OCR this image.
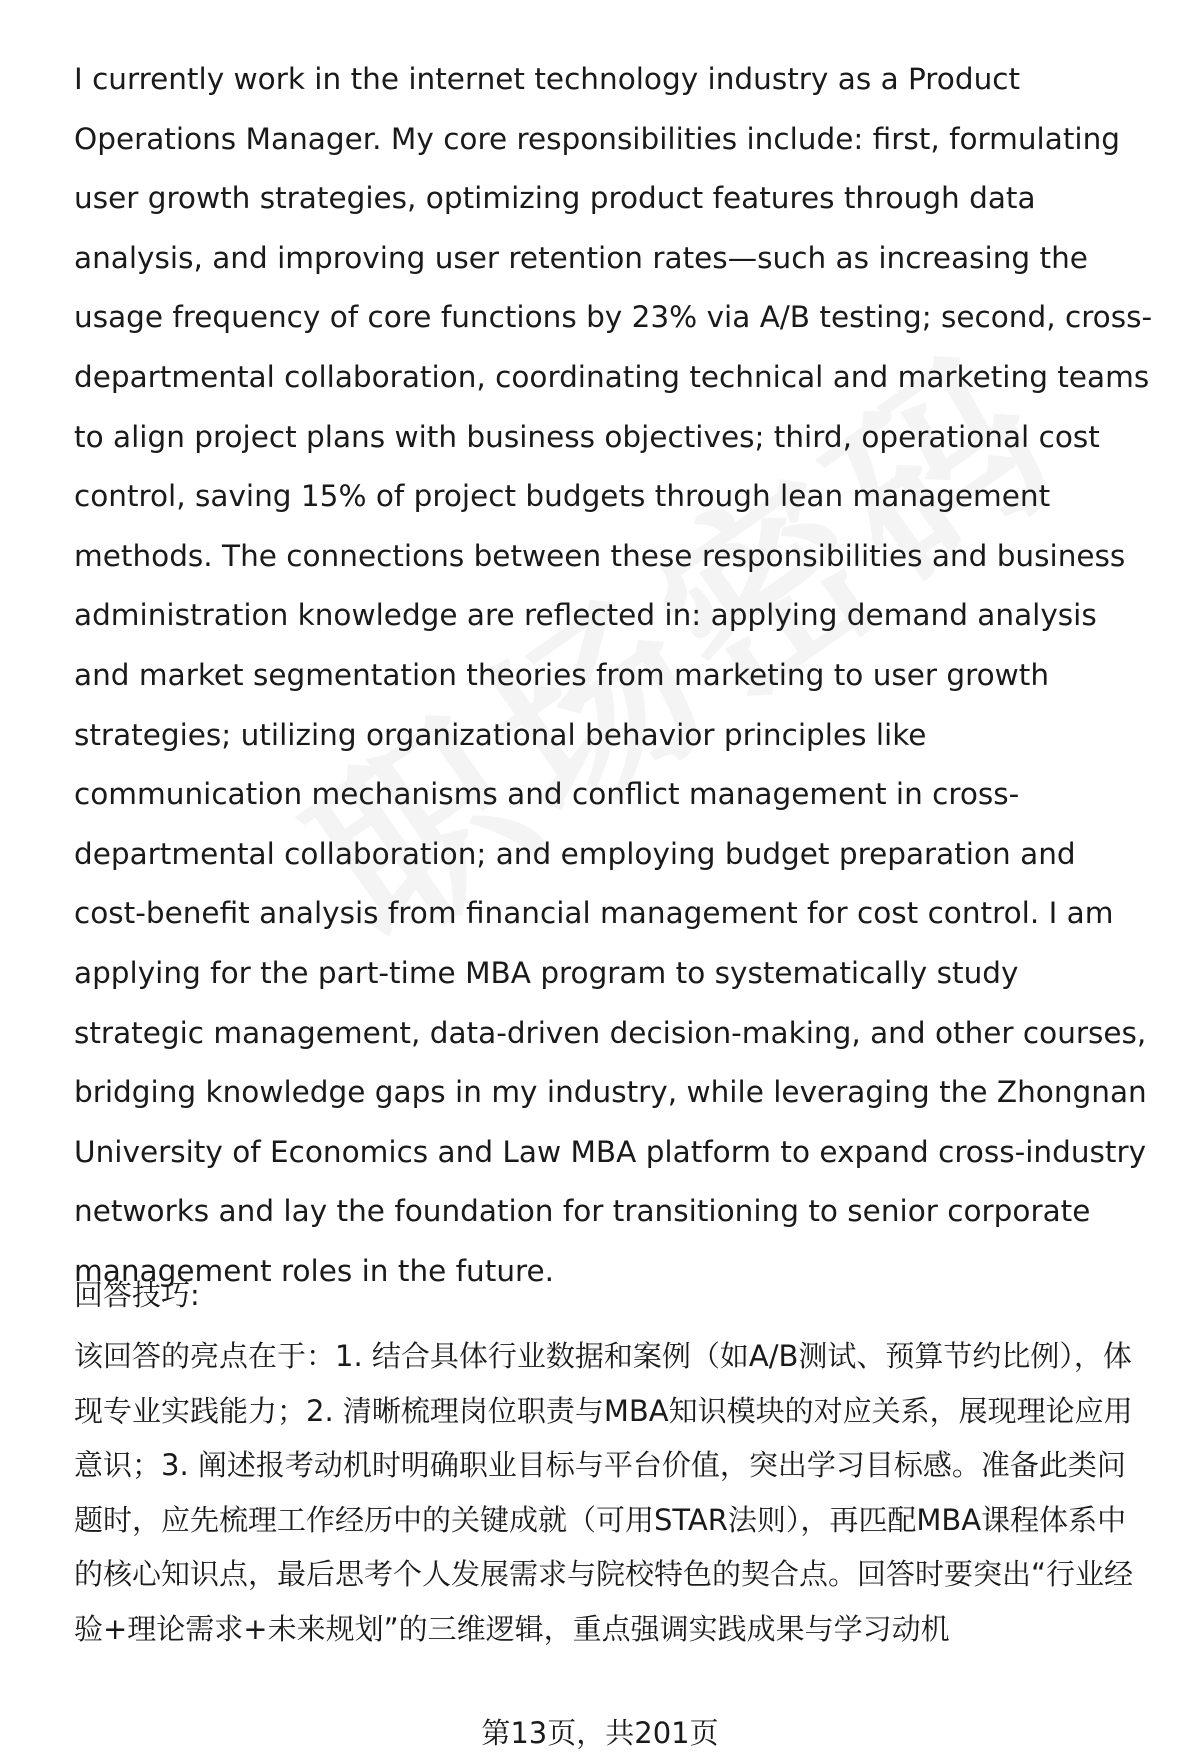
I currently work in the internet technology industry as a Product Operations Manager. My core responsibilities include: first, formulating user growth strategies, optimizing product features through data analysis, and improving user retention rates—such as increasing the usage frequency of core functions by 23% via A/B testing; second, cross-departmental collaboration, coordinating technical and marketing teams to align project plans with business objectives; third, operational cost control, saving 15% of project budgets through lean management methods. The connections between these responsibilities and business administration knowledge are reflected in: applying demand analysis and market segmentation theories from marketing to user growth strategies; utilizing organizational behavior principles like communication mechanisms and conflict management in cross-departmental collaboration; and employing budget preparation and cost-benefit analysis from financial management for cost control. I am applying for the part-time MBA program to systematically study strategic management, data-driven decision-making, and other courses, bridging knowledge gaps in my industry, while leveraging the Zhongnan University of Economics and Law MBA platform to expand cross-industry networks and lay the foundation for transitioning to senior corporate management roles in the future.

回答技巧:

该回答的亮点在于：1. 结合具体行业数据和案例（如A/B测试、预算节约比例），体现专业实践能力；2. 清晰梳理岗位职责与MBA知识模块的对应关系，展现理论应用意识；3. 阐述报考动机时明确职业目标与平台价值，突出学习目标感。准备此类问题时，应先梳理工作经历中的关键成就（可用STAR法则），再匹配MBA课程体系中的核心知识点，最后思考个人发展需求与院校特色的契合点。回答时要突出“行业经验+理论需求+未来规划”的三维逻辑，重点强调实践成果与学习动机

第13页，共201页
